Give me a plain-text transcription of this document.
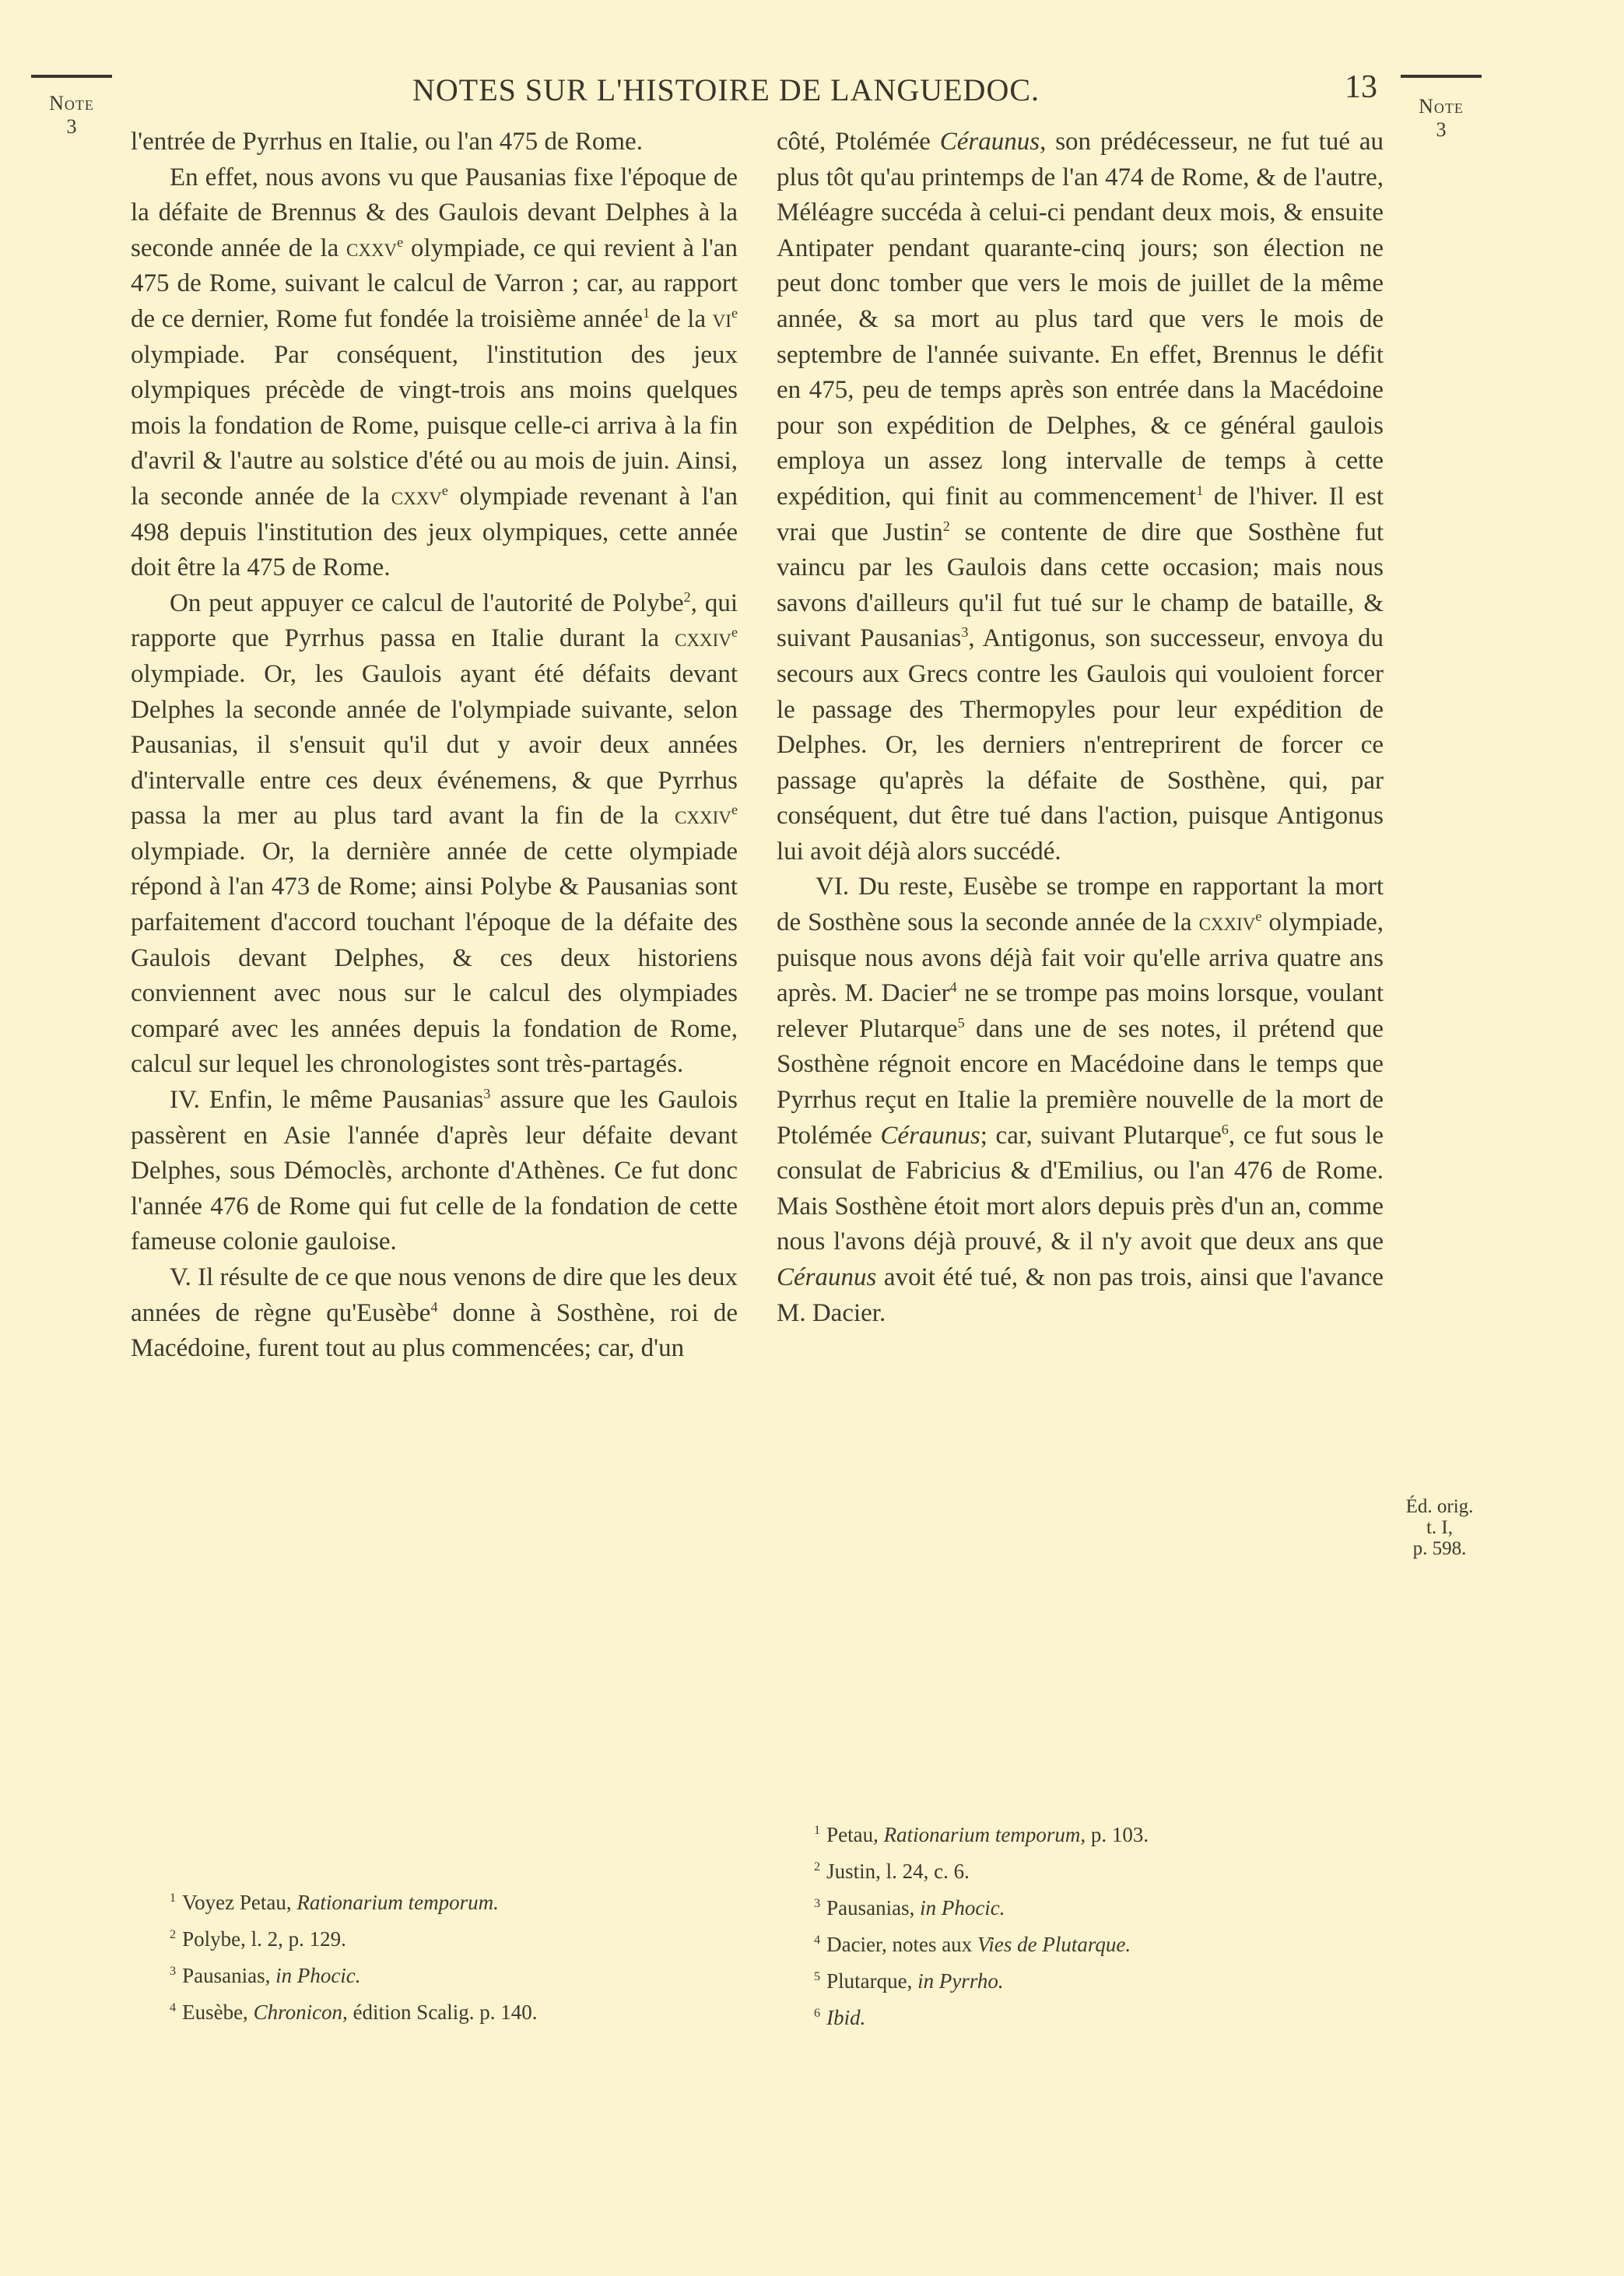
Note
3
NOTES SUR L'HISTOIRE DE LANGUEDOC.	13
Note
3

l'entrée de Pyrrhus en Italie, ou l'an 475 de Rome.

En effet, nous avons vu que Pausanias fixe l'époque de la défaite de Brennus & des Gaulois devant Delphes à la seconde année de la cxxv$^e$ olympiade, ce qui revient à l'an 475 de Rome, suivant le calcul de Varron ; car, au rapport de ce dernier, Rome fut fondée la troisième année$^1$ de la $vi^e$ olympiade. Par conséquent, l'institution des jeux olympiques précède de vingt-trois ans moins quelques mois la fondation de Rome, puisque celle-ci arriva à la fin d'avril & l'autre au solstice d'été ou au mois de juin. Ainsi, la seconde année de la cxxv$^e$ olympiade revenant à l'an 498 depuis l'institution des jeux olympiques, cette année doit être la 475 de Rome.

On peut appuyer ce calcul de l'autorité de Polybe$^2$, qui rapporte que Pyrrhus passa en Italie durant la cxxiv$^e$ olympiade. Or, les Gaulois ayant été défaits devant Delphes la seconde année de l'olympiade suivante, selon Pausanias, il s'ensuit qu'il dut y avoir deux années d'intervalle entre ces deux événemens, & que Pyrrhus passa la mer au plus tard avant la fin de la cxxiv$^e$ olympiade. Or, la dernière année de cette olympiade répond à l'an 473 de Rome; ainsi Polybe & Pausanias sont parfaitement d'accord touchant l'époque de la défaite des Gaulois devant Delphes, & ces deux historiens conviennent avec nous sur le calcul des olympiades comparé avec les années depuis la fondation de Rome, calcul sur lequel les chronologistes sont très-partagés.

IV. Enfin, le même Pausanias$^3$ assure que les Gaulois passèrent en Asie l'année d'après leur défaite devant Delphes, sous Démoclès, archonte d'Athènes. Ce fut donc l'année 476 de Rome qui fut celle de la fondation de cette fameuse colonie gauloise.

V. Il résulte de ce que nous venons de dire que les deux années de règne qu'Eusèbe$^4$ donne à Sosthène, roi de Macédoine, furent tout au plus commencées; car, d'un

côté, Ptolémée Céraunus, son prédécesseur, ne fut tué au plus tôt qu'au printemps de l'an 474 de Rome, & de l'autre, Méléagre succéda à celui-ci pendant deux mois, & ensuite Antipater pendant quarante-cinq jours; son élection ne peut donc tomber que vers le mois de juillet de la même année, & sa mort au plus tard que vers le mois de septembre de l'année suivante. En effet, Brennus le défit en 475, peu de temps après son entrée dans la Macédoine pour son expédition de Delphes, & ce général gaulois employa un assez long intervalle de temps à cette expédition, qui finit au commencement$^1$ de l'hiver. Il est vrai que Justin$^2$ se contente de dire que Sosthène fut vaincu par les Gaulois dans cette occasion; mais nous savons d'ailleurs qu'il fut tué sur le champ de bataille, & suivant Pausanias$^3$, Antigonus, son successeur, envoya du secours aux Grecs contre les Gaulois qui vouloient forcer le passage des Thermopyles pour leur expédition de Delphes. Or, les derniers n'entreprirent de forcer ce passage qu'après la défaite de Sosthène, qui, par conséquent, dut être tué dans l'action, puisque Antigonus lui avoit déjà alors succédé.

VI. Du reste, Eusèbe se trompe en rapportant la mort de Sosthène sous la seconde année de la cxxiv$^e$ olympiade, puisque nous avons déjà fait voir qu'elle arriva quatre ans après. M. Dacier$^4$ ne se trompe pas moins lorsque, voulant relever Plutarque$^5$ dans une de ses notes, il prétend que Sosthène régnoit encore en Macédoine dans le temps que Pyrrhus reçut en Italie la première nouvelle de la mort de Ptolémée Céraunus; car, suivant Plutarque$^6$, ce fut sous le consulat de Fabricius & d'Emilius, ou l'an 476 de Rome. Mais Sosthène étoit mort alors depuis près d'un an, comme nous l'avons déjà prouvé, & il n'y avoit que deux ans que Céraunus avoit été tué, & non pas trois, ainsi que l'avance M. Dacier.

Éd. orig.
t. I,
p. 598.
$^1$ Voyez Petau, Rationarium temporum.
$^2$ Polybe, l. 2, p. 129.
$^3$ Pausanias, in Phocic.
$^4$ Eusèbe, Chronicon, édition Scalig. p. 140.
$^1$ Petau, Rationarium temporum, p. 103.
$^2$ Justin, l. 24, c. 6.
$^3$ Pausanias, in Phocic.
$^4$ Dacier, notes aux Vies de Plutarque.
$^5$ Plutarque, in Pyrrho.
$^6$ Ibid.
